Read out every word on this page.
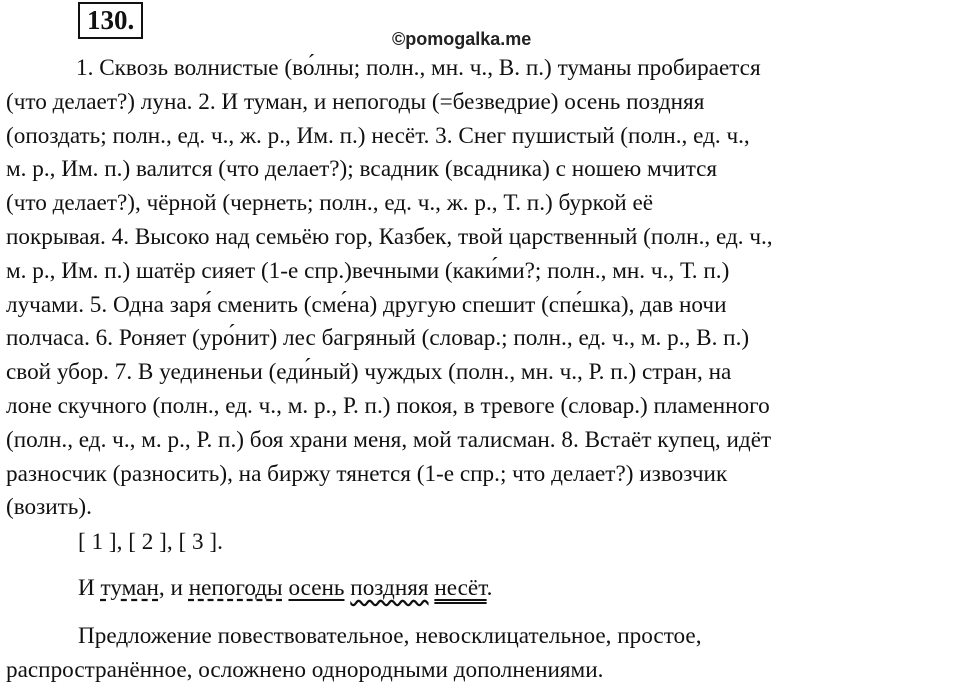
130.
©pomogalka.me
1. Сквозь волнистые (во́лны; полн., мн. ч., В. п.) туманы пробирается
(что делает?) луна. 2. И туман, и непогоды (=безведрие) осень поздняя
(опоздать; полн., ед. ч., ж. р., Им. п.) несёт. 3. Снег пушистый (полн., ед. ч.,
м. р., Им. п.) валится (что делает?); всадник (всадника) с ношею мчится
(что делает?), чёрной (чернеть; полн., ед. ч., ж. р., Т. п.) буркой её
покрывая. 4. Высоко над семьёю гор, Казбек, твой царственный (полн., ед. ч.,
м. р., Им. п.) шатёр сияет (1-е спр.)вечными (каки́ми?; полн., мн. ч., Т. п.)
лучами. 5. Одна заря́ сменить (сме́на) другую спешит (спе́шка), дав ночи
полчаса. 6. Роняет (уро́нит) лес багряный (словар.; полн., ед. ч., м. р., В. п.)
свой убор. 7. В уединеньи (еди́ный) чуждых (полн., мн. ч., Р. п.) стран, на
лоне скучного (полн., ед. ч., м. р., Р. п.) покоя, в тревоге (словар.) пламенного
(полн., ед. ч., м. р., Р. п.) боя храни меня, мой талисман. 8. Встаёт купец, идёт
разносчик (разносить), на биржу тянется (1-е спр.; что делает?) извозчик
(возить).
[ 1 ], [ 2 ], [ 3 ].
И туман, и непогоды осень поздняя несёт.
Предложение повествовательное, невосклицательное, простое,
распространённое, осложнено однородными дополнениями.
